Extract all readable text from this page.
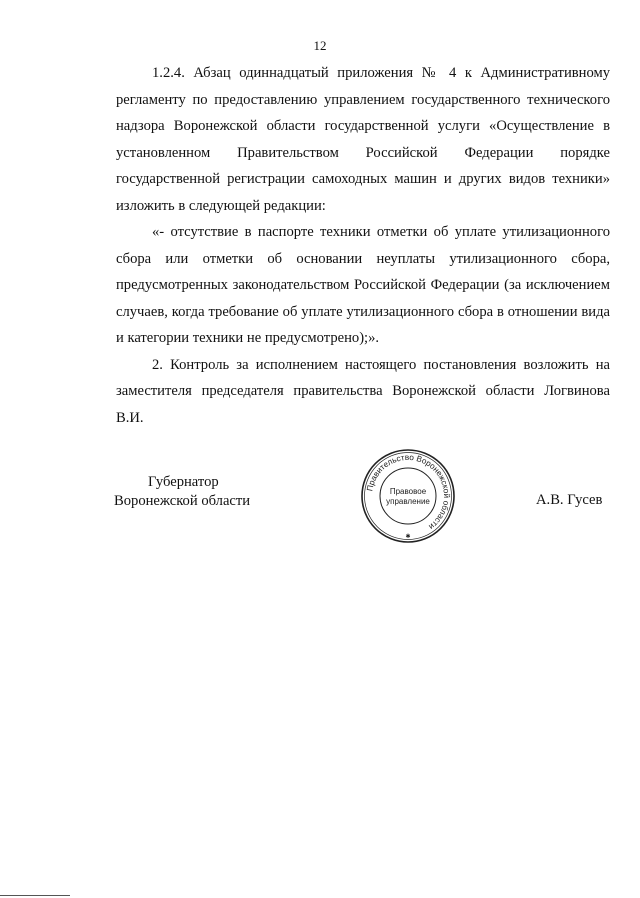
12

1.2.4. Абзац одиннадцатый приложения № 4 к Административному регламенту по предоставлению управлением государственного технического надзора Воронежской области государственной услуги «Осуществление в установленном Правительством Российской Федерации порядке государственной регистрации самоходных машин и других видов техники» изложить в следующей редакции:

«- отсутствие в паспорте техники отметки об уплате утилизационного сбора или отметки об основании неуплаты утилизационного сбора, предусмотренных законодательством Российской Федерации (за исключением случаев, когда требование об уплате утилизационного сбора в отношении вида и категории техники не предусмотрено);».

2. Контроль за исполнением настоящего постановления возложить на заместителя председателя правительства Воронежской области Логвинова В.И.

Губернатор
Воронежской области
Правительство Воронежской области
Правовое
управление
✱
А.В. Гусев
